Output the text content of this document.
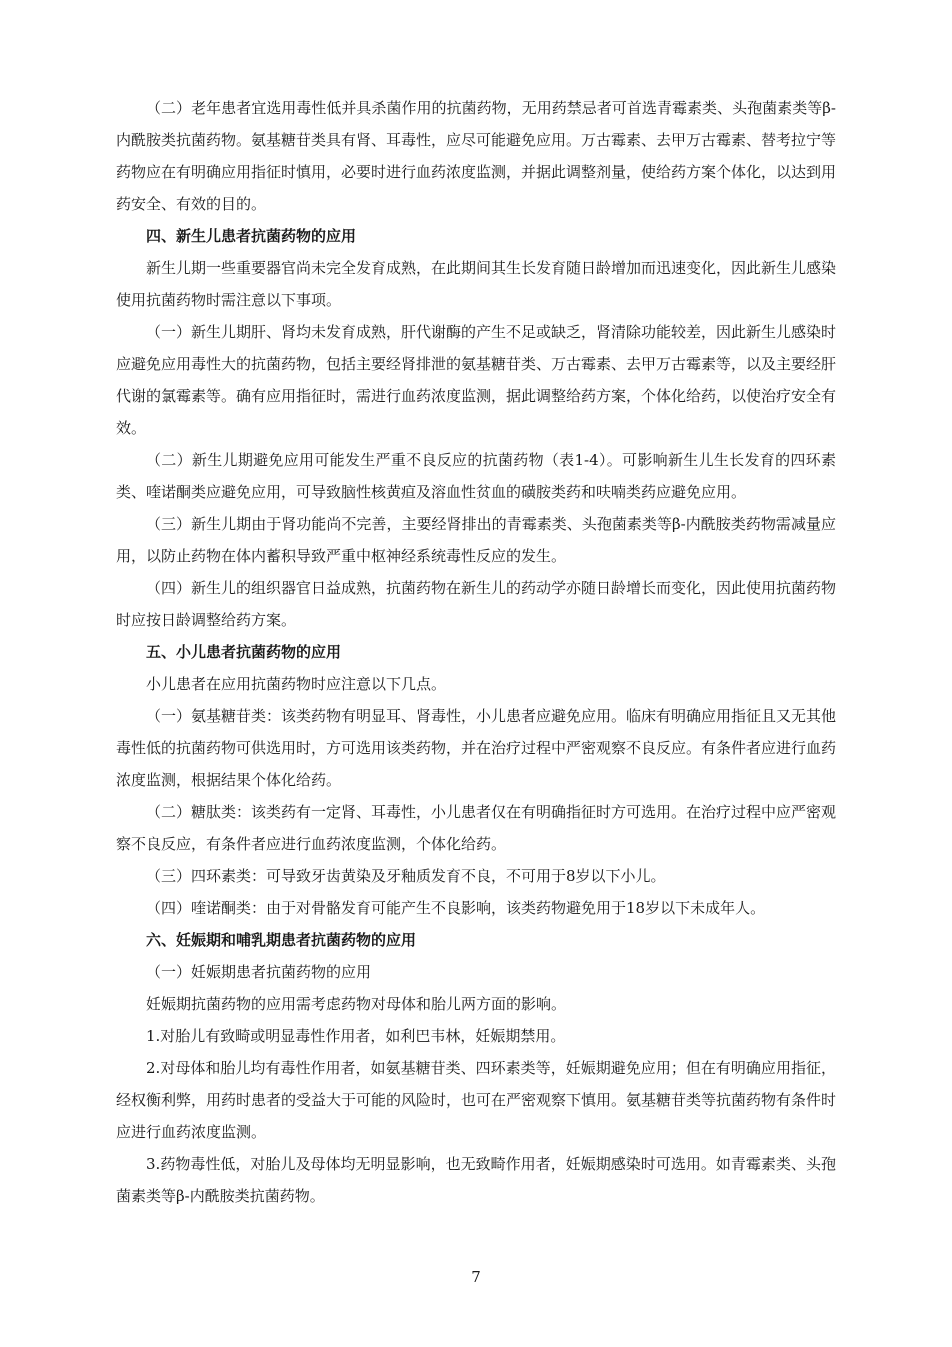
（二）老年患者宜选用毒性低并具杀菌作用的抗菌药物，无用药禁忌者可首选青霉素类、头孢菌素类等β-内酰胺类抗菌药物。氨基糖苷类具有肾、耳毒性，应尽可能避免应用。万古霉素、去甲万古霉素、替考拉宁等药物应在有明确应用指征时慎用，必要时进行血药浓度监测，并据此调整剂量，使给药方案个体化，以达到用药安全、有效的目的。

四、新生儿患者抗菌药物的应用

新生儿期一些重要器官尚未完全发育成熟，在此期间其生长发育随日龄增加而迅速变化，因此新生儿感染使用抗菌药物时需注意以下事项。

（一）新生儿期肝、肾均未发育成熟，肝代谢酶的产生不足或缺乏，肾清除功能较差，因此新生儿感染时应避免应用毒性大的抗菌药物，包括主要经肾排泄的氨基糖苷类、万古霉素、去甲万古霉素等，以及主要经肝代谢的氯霉素等。确有应用指征时，需进行血药浓度监测，据此调整给药方案，个体化给药，以使治疗安全有效。

（二）新生儿期避免应用可能发生严重不良反应的抗菌药物（表1-4）。可影响新生儿生长发育的四环素类、喹诺酮类应避免应用，可导致脑性核黄疸及溶血性贫血的磺胺类药和呋喃类药应避免应用。

（三）新生儿期由于肾功能尚不完善，主要经肾排出的青霉素类、头孢菌素类等β-内酰胺类药物需减量应用，以防止药物在体内蓄积导致严重中枢神经系统毒性反应的发生。

（四）新生儿的组织器官日益成熟，抗菌药物在新生儿的药动学亦随日龄增长而变化，因此使用抗菌药物时应按日龄调整给药方案。

五、小儿患者抗菌药物的应用

小儿患者在应用抗菌药物时应注意以下几点。

（一）氨基糖苷类：该类药物有明显耳、肾毒性，小儿患者应避免应用。临床有明确应用指征且又无其他毒性低的抗菌药物可供选用时，方可选用该类药物，并在治疗过程中严密观察不良反应。有条件者应进行血药浓度监测，根据结果个体化给药。

（二）糖肽类：该类药有一定肾、耳毒性，小儿患者仅在有明确指征时方可选用。在治疗过程中应严密观察不良反应，有条件者应进行血药浓度监测，个体化给药。

（三）四环素类：可导致牙齿黄染及牙釉质发育不良，不可用于8岁以下小儿。

（四）喹诺酮类：由于对骨骼发育可能产生不良影响，该类药物避免用于18岁以下未成年人。

六、妊娠期和哺乳期患者抗菌药物的应用

（一）妊娠期患者抗菌药物的应用

妊娠期抗菌药物的应用需考虑药物对母体和胎儿两方面的影响。

1.对胎儿有致畸或明显毒性作用者，如利巴韦林，妊娠期禁用。

2.对母体和胎儿均有毒性作用者，如氨基糖苷类、四环素类等，妊娠期避免应用；但在有明确应用指征，经权衡利弊，用药时患者的受益大于可能的风险时，也可在严密观察下慎用。氨基糖苷类等抗菌药物有条件时应进行血药浓度监测。

3.药物毒性低，对胎儿及母体均无明显影响，也无致畸作用者，妊娠期感染时可选用。如青霉素类、头孢菌素类等β-内酰胺类抗菌药物。

7
